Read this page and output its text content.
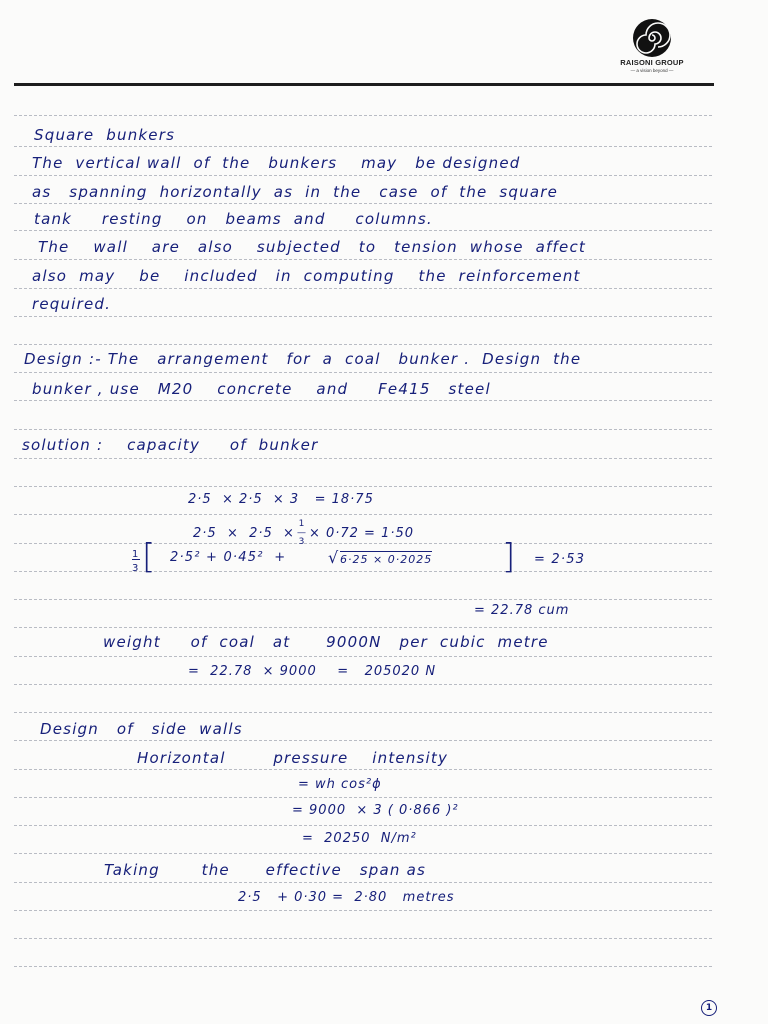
RAISONI GROUP
— a vision beyond —
Square  bunkers
The  vertical wall  of  the   bunkers    may   be designed
as   spanning  horizontally  as  in  the   case  of  the  square
tank     resting    on   beams  and     columns.
The    wall    are   also    subjected   to   tension  whose  affect
also  may    be    included   in  computing    the  reinforcement
required.
Design :- The   arrangement   for  a  coal   bunker .  Design  the
bunker , use   M20    concrete    and     Fe415   steel
solution :    capacity     of  bunker
2·5  × 2·5  × 3   = 18·75
2·5  ×  2·5  ×1
—
3× 0·72 = 1·50
1
3 [ 2·5² + 0·45²  +	√ 6·25 × 0·2025 ] = 2·53
= 22.78 cum
weight     of  coal   at      9000N   per  cubic  metre
=  22.78  × 9000    =   205020 N
Design   of   side  walls
Horizontal        pressure    intensity
= wh cos²ϕ
= 9000  × 3 ( 0·866 )²
=  20250  N/m²
Taking       the      effective   span as
2·5   + 0·30 =  2·80   metres
1
